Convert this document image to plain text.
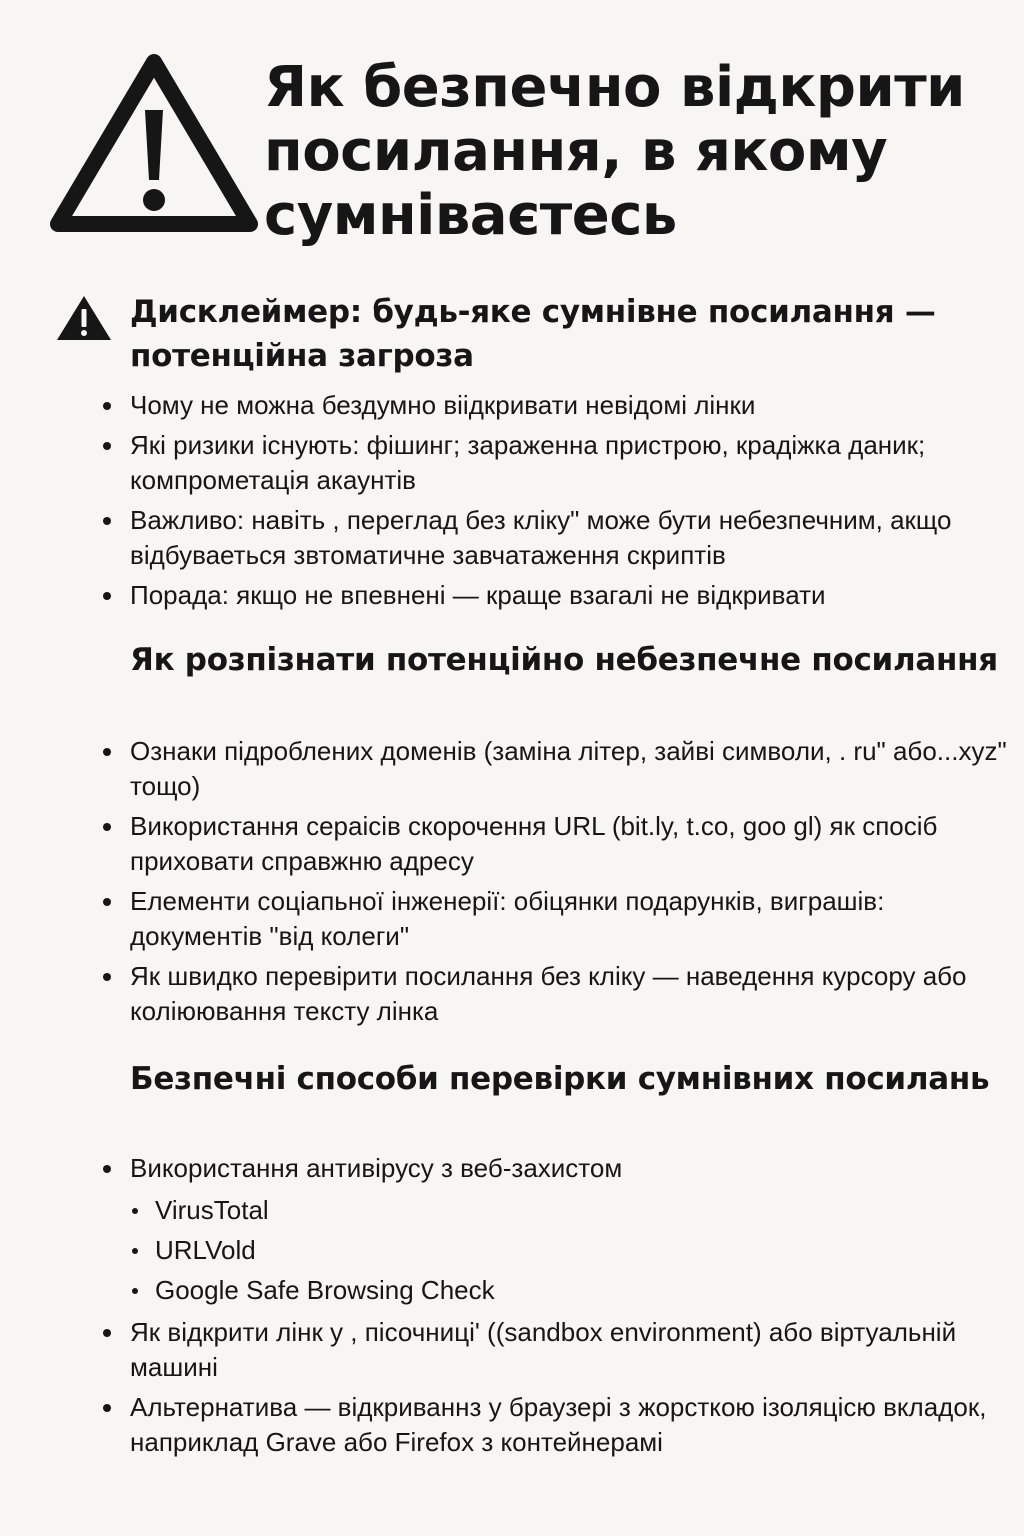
Як безпечно відкрити посилання, в якому сумніваєтесь
Дисклеймер: будь-яке сумнівне посилання — потенційна загроза
Чому не можна бездумно віідкривати невідомі лінки
Які ризики існують: фішинг; зараженна пристрою, крадіжка даник; компрометація акаунтів
Важливо: навіть , переглад без кліку" може бути небезпечним, акщо відбуваеться звтоматичне завчатаження скриптів
Порада: якщо не впевнені — краще взагалі не відкривати
Як розпізнати потенційно небезпечне посилання
Ознаки підроблених доменів (заміна літер, зайві символи, . ru" або...xyz" тощо)
Використання сераісів скорочення URL (bit.ly, t.co, goo gl) як спосіб приховати справжню адресу
Елементи соціапьної інженерії: обіцянки подарунків, виграшів: документів "від колеги"
Як швидко перевірити посилання без кліку — наведення курсору або коліюювання тексту лінка
Безпечні способи перевірки сумнівних посилань
Використання антивірусу з веб-захистом
VirusTotal
URLVold
Google Safe Browsing Check
Як відкрити лінк у , пісочниці' ((sandbox environment) або віртуальній машині
Альтернатива — відкриваннз у браузері з жорсткою ізоляцісю вкладок, наприклад Grave або Firefox з контейнерамі
